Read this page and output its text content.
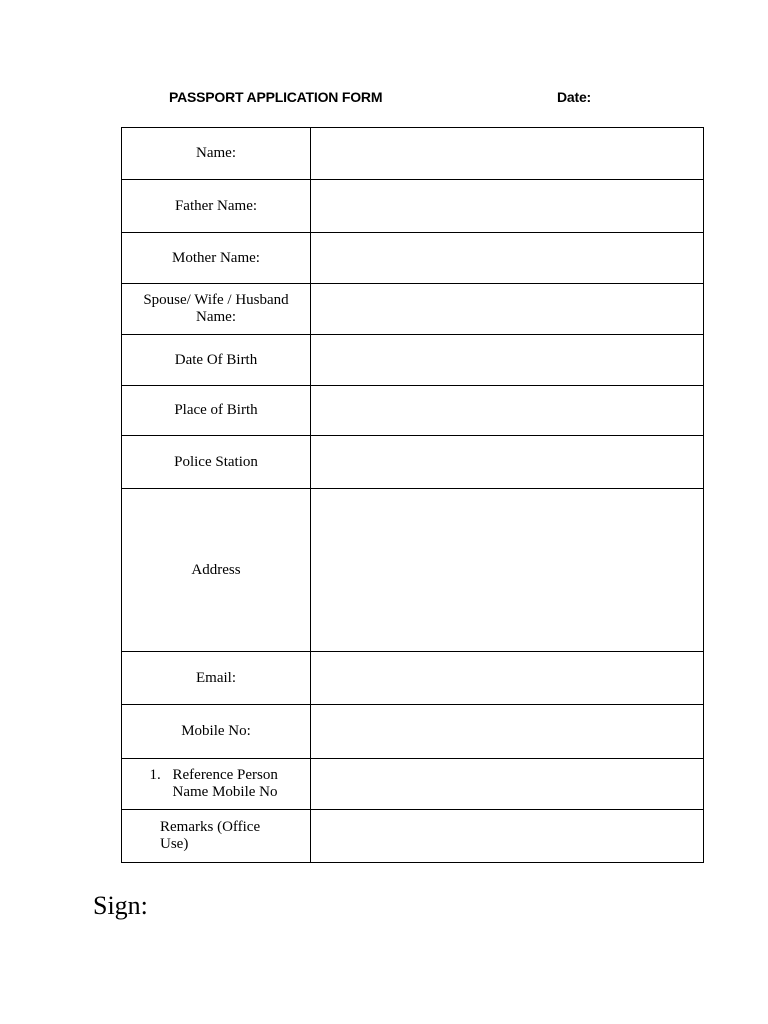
PASSPORT APPLICATION FORM	Date:
Name:	
Father Name:	
Mother Name:	
Spouse/ Wife / Husband Name:	
Date Of Birth	
Place of Birth	
Police Station	
Address	
Email:	
Mobile No:	

1. Reference Person Name Mobile No	

Remarks (Office Use)	
Sign:
